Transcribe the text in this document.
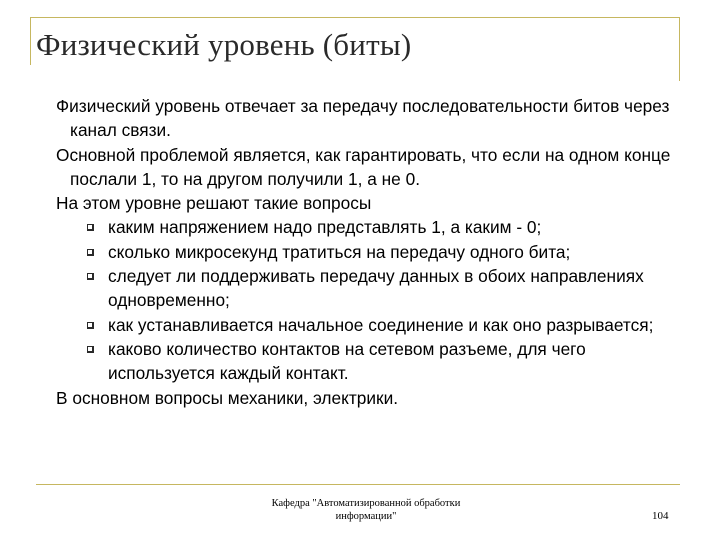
Физический уровень (биты)

Физический уровень отвечает за передачу последовательности битов через канал связи.

Основной проблемой является, как гарантировать, что если на одном конце послали 1, то на другом получили 1, а не 0.

На этом уровне решают такие вопросы

каким напряжением надо представлять 1, а каким - 0;
сколько микросекунд тратиться на передачу одного бита;
следует ли поддерживать передачу данных в обоих направлениях одновременно;
как устанавливается начальное соединение и как оно разрывается;
каково количество контактов на сетевом разъеме, для чего используется каждый контакт.

В основном вопросы механики, электрики.

Кафедра "Автоматизированной обработки
информации"	104
